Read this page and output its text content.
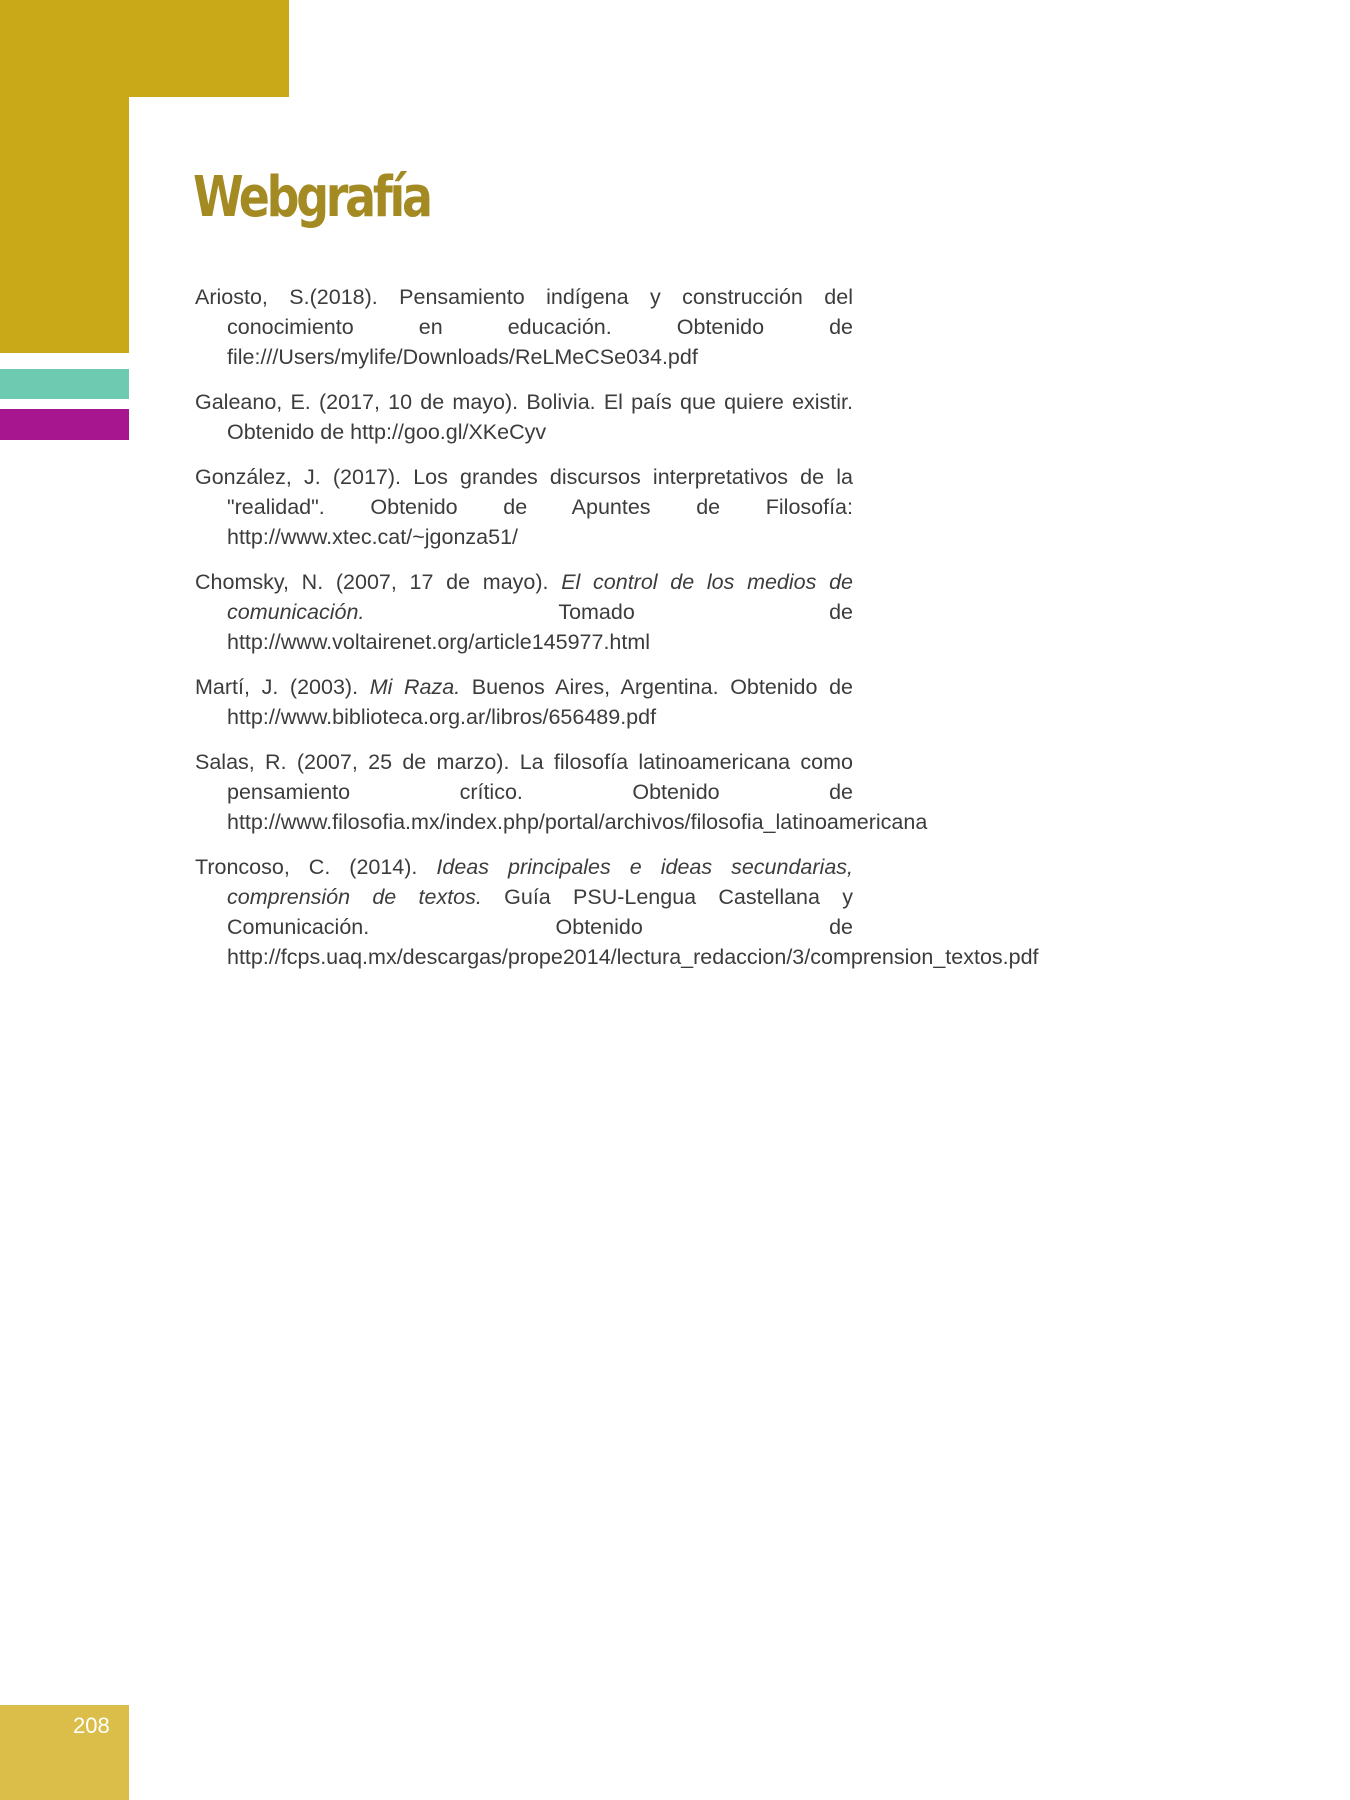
Webgrafía

Ariosto, S.(2018). Pensamiento indígena y construcción del conocimiento en educación. Obtenido de file:///Users/mylife/Downloads/ReLMeCSe034.pdf

Galeano, E. (2017, 10 de mayo). Bolivia. El país que quiere existir. Obtenido de http://goo.gl/XKeCyv

González, J. (2017). Los grandes discursos interpretativos de la "realidad". Obtenido de Apuntes de Filosofía: http://www.xtec.cat/~jgonza51/

Chomsky, N. (2007, 17 de mayo). El control de los medios de comunicación. Tomado de http://www.voltairenet.org/article145977.html

Martí, J. (2003). Mi Raza. Buenos Aires, Argentina. Obtenido de http://www.biblioteca.org.ar/libros/656489.pdf

Salas, R. (2007, 25 de marzo). La filosofía latinoamericana como pensamiento crítico. Obtenido de http://www.filosofia.mx/index.php/portal/archivos/filosofia_latinoamericana

Troncoso, C. (2014). Ideas principales e ideas secundarias, comprensión de textos. Guía PSU-Lengua Castellana y Comunicación. Obtenido de http://fcps.uaq.mx/descargas/prope2014/lectura_redaccion/3/comprension_textos.pdf

208
